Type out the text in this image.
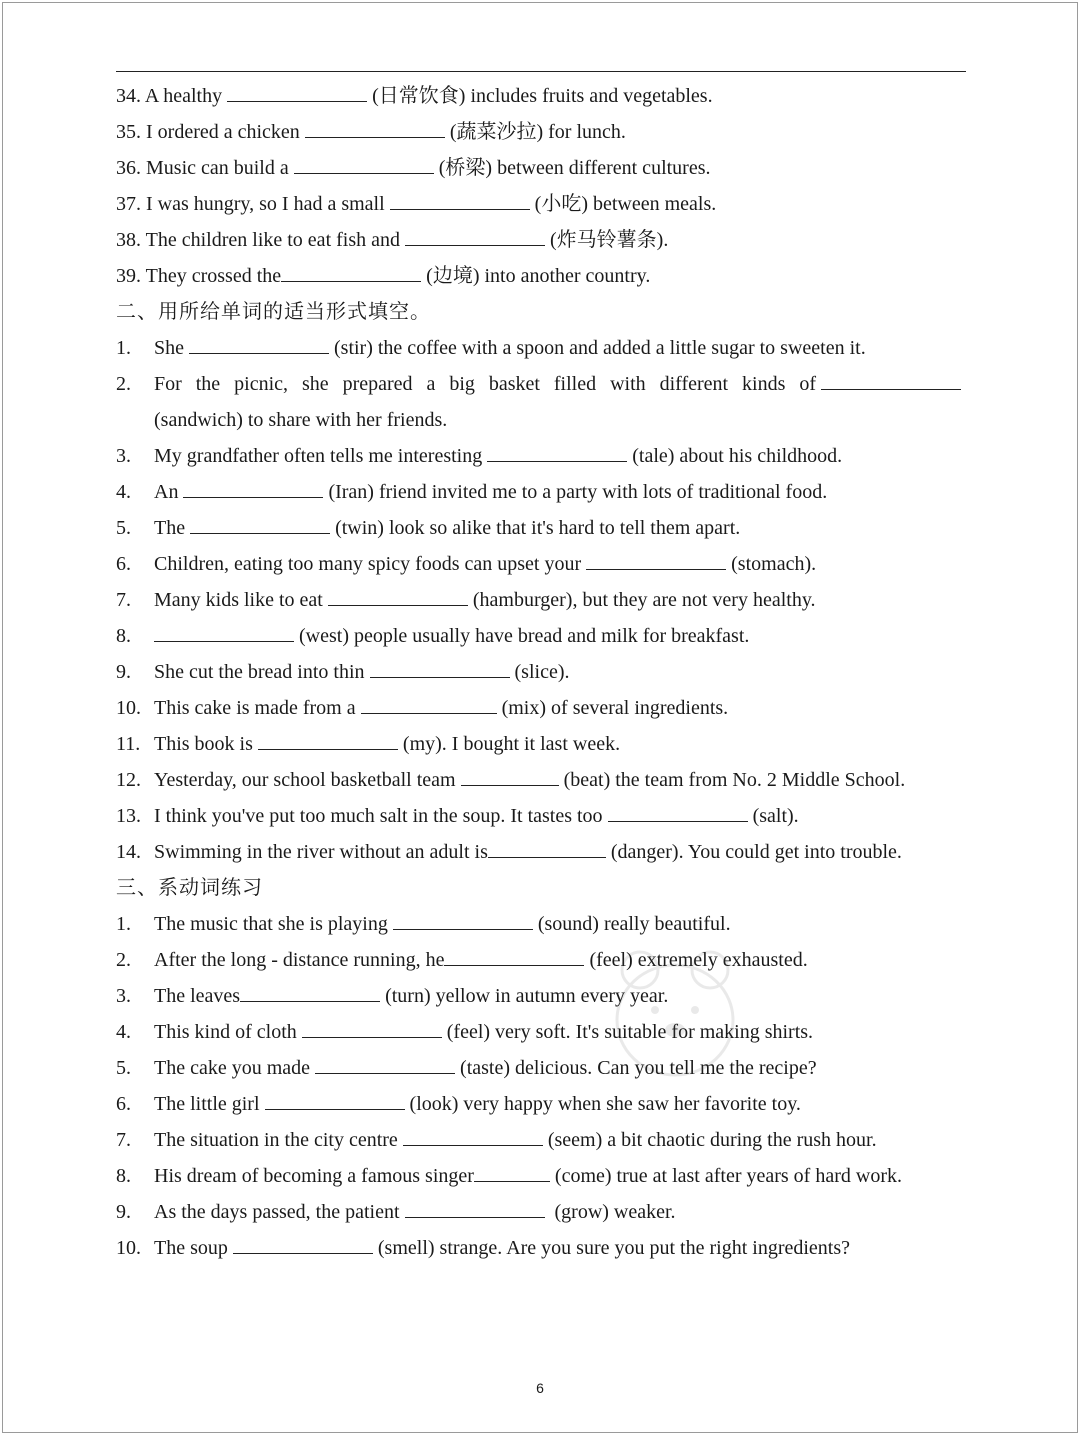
34. A healthy	(日常饮食) includes fruits and vegetables.
35. I ordered a chicken	(蔬菜沙拉) for lunch.
36. Music can build a	(桥梁) between different cultures.
37. I was hungry, so I had a small	(小吃) between meals.
38. The children like to eat fish and	(炸马铃薯条).
39. They crossed the	(边境) into another country.
二、用所给单词的适当形式填空。
1. She	(stir) the coffee with a spoon and added a little sugar to sweeten it.
2. For the picnic, she prepared a big basket filled with different kinds of
(sandwich) to share with her friends.
3. My grandfather often tells me interesting	(tale) about his childhood.
4. An	(Iran) friend invited me to a party with lots of traditional food.
5. The	(twin) look so alike that it's hard to tell them apart.
6. Children, eating too many spicy foods can upset your	(stomach).
7. Many kids like to eat	(hamburger), but they are not very healthy.
8.	(west) people usually have bread and milk for breakfast.
9. She cut the bread into thin	(slice).
10. This cake is made from a	(mix) of several ingredients.
11. This book is	(my). I bought it last week.
12. Yesterday, our school basketball team	(beat) the team from No. 2 Middle School.
13. I think you've put too much salt in the soup. It tastes too	(salt).
14. Swimming in the river without an adult is	(danger). You could get into trouble.
三、系动词练习
1. The music that she is playing	(sound) really beautiful.
2. After the long - distance running, he	(feel) extremely exhausted.
3. The leaves	(turn) yellow in autumn every year.
4. This kind of cloth	(feel) very soft. It's suitable for making shirts.
5. The cake you made	(taste) delicious. Can you tell me the recipe?
6. The little girl	(look) very happy when she saw her favorite toy.
7. The situation in the city centre	(seem) a bit chaotic during the rush hour.
8. His dream of becoming a famous singer	(come) true at last after years of hard work.
9. As the days passed, the patient	(grow) weaker.
10. The soup	(smell) strange. Are you sure you put the right ingredients?
6
